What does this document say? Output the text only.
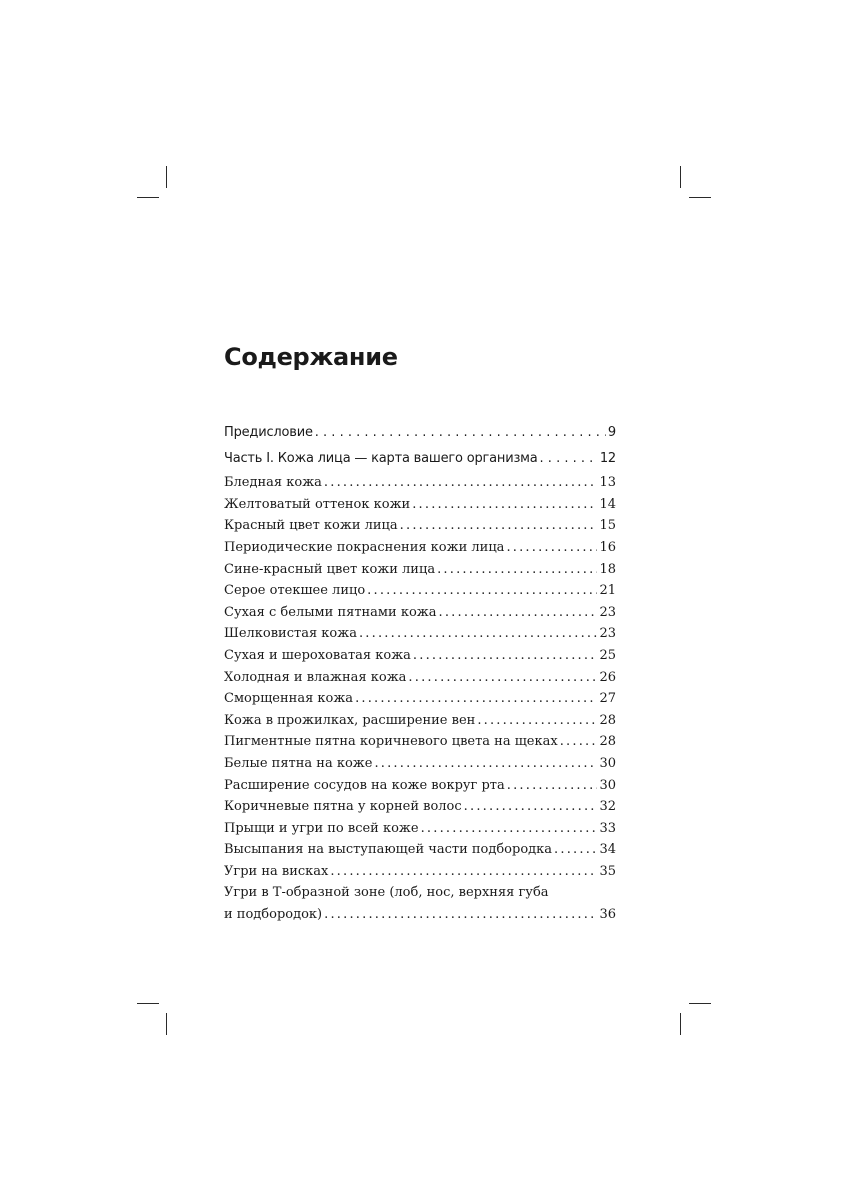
Содержание
Предисловие . . .	9
Часть I. Кожа лица — карта вашего организма . . .	12
Бледная кожа .....	13
Желтоватый оттенок кожи .....	14
Красный цвет кожи лица .....	15
Периодические покраснения кожи лица .....	16
Сине-красный цвет кожи лица .....	18
Серое отекшее лицо .....	21
Сухая с белыми пятнами кожа .....	23
Шелковистая кожа .....	23
Сухая и шероховатая кожа .....	25
Холодная и влажная кожа .....	26
Сморщенная кожа .....	27
Кожа в прожилках, расширение вен .....	28
Пигментные пятна коричневого цвета на щеках .....	28
Белые пятна на коже .....	30
Расширение сосудов на коже вокруг рта .....	30
Коричневые пятна у корней волос .....	32
Прыщи и угри по всей коже .....	33
Высыпания на выступающей части подбородка .....	34
Угри на висках .....	35
Угри в Т-образной зоне (лоб, нос, верхняя губа
и подбородок) .....	36
